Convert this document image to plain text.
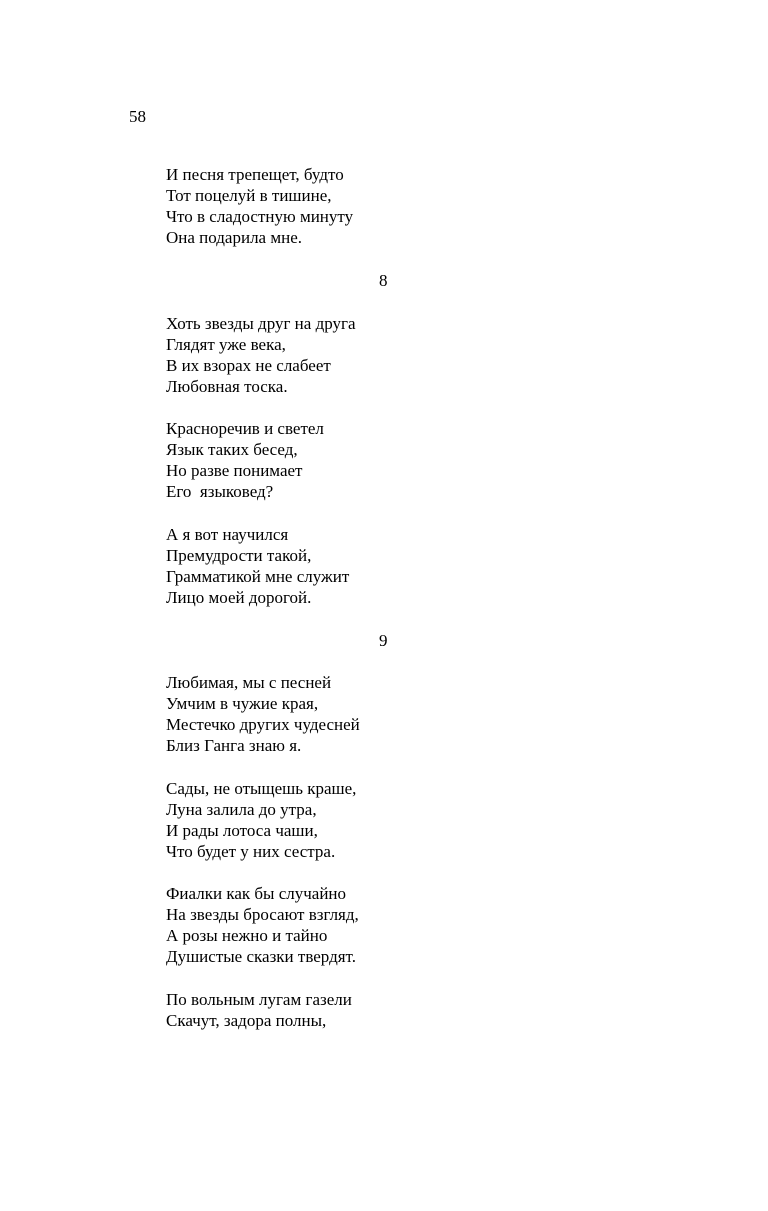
58
И песня трепещет, будто
Тот поцелуй в тишине,
Что в сладостную минуту
Она подарила мне.
8
Хоть звезды друг на друга
Глядят уже века,
В их взорах не слабеет
Любовная тоска.
Красноречив и светел
Язык таких бесед,
Но разве понимает
Его  языковед?
А я вот научился
Премудрости такой,
Грамматикой мне служит
Лицо моей дорогой.
9
Любимая, мы с песней
Умчим в чужие края,
Местечко других чудесней
Близ Ганга знаю я.
Сады, не отыщешь краше,
Луна залила до утра,
И рады лотоса чаши,
Что будет у них сестра.
Фиалки как бы случайно
На звезды бросают взгляд,
А розы нежно и тайно
Душистые сказки твердят.
По вольным лугам газели
Скачут, задора полны,
